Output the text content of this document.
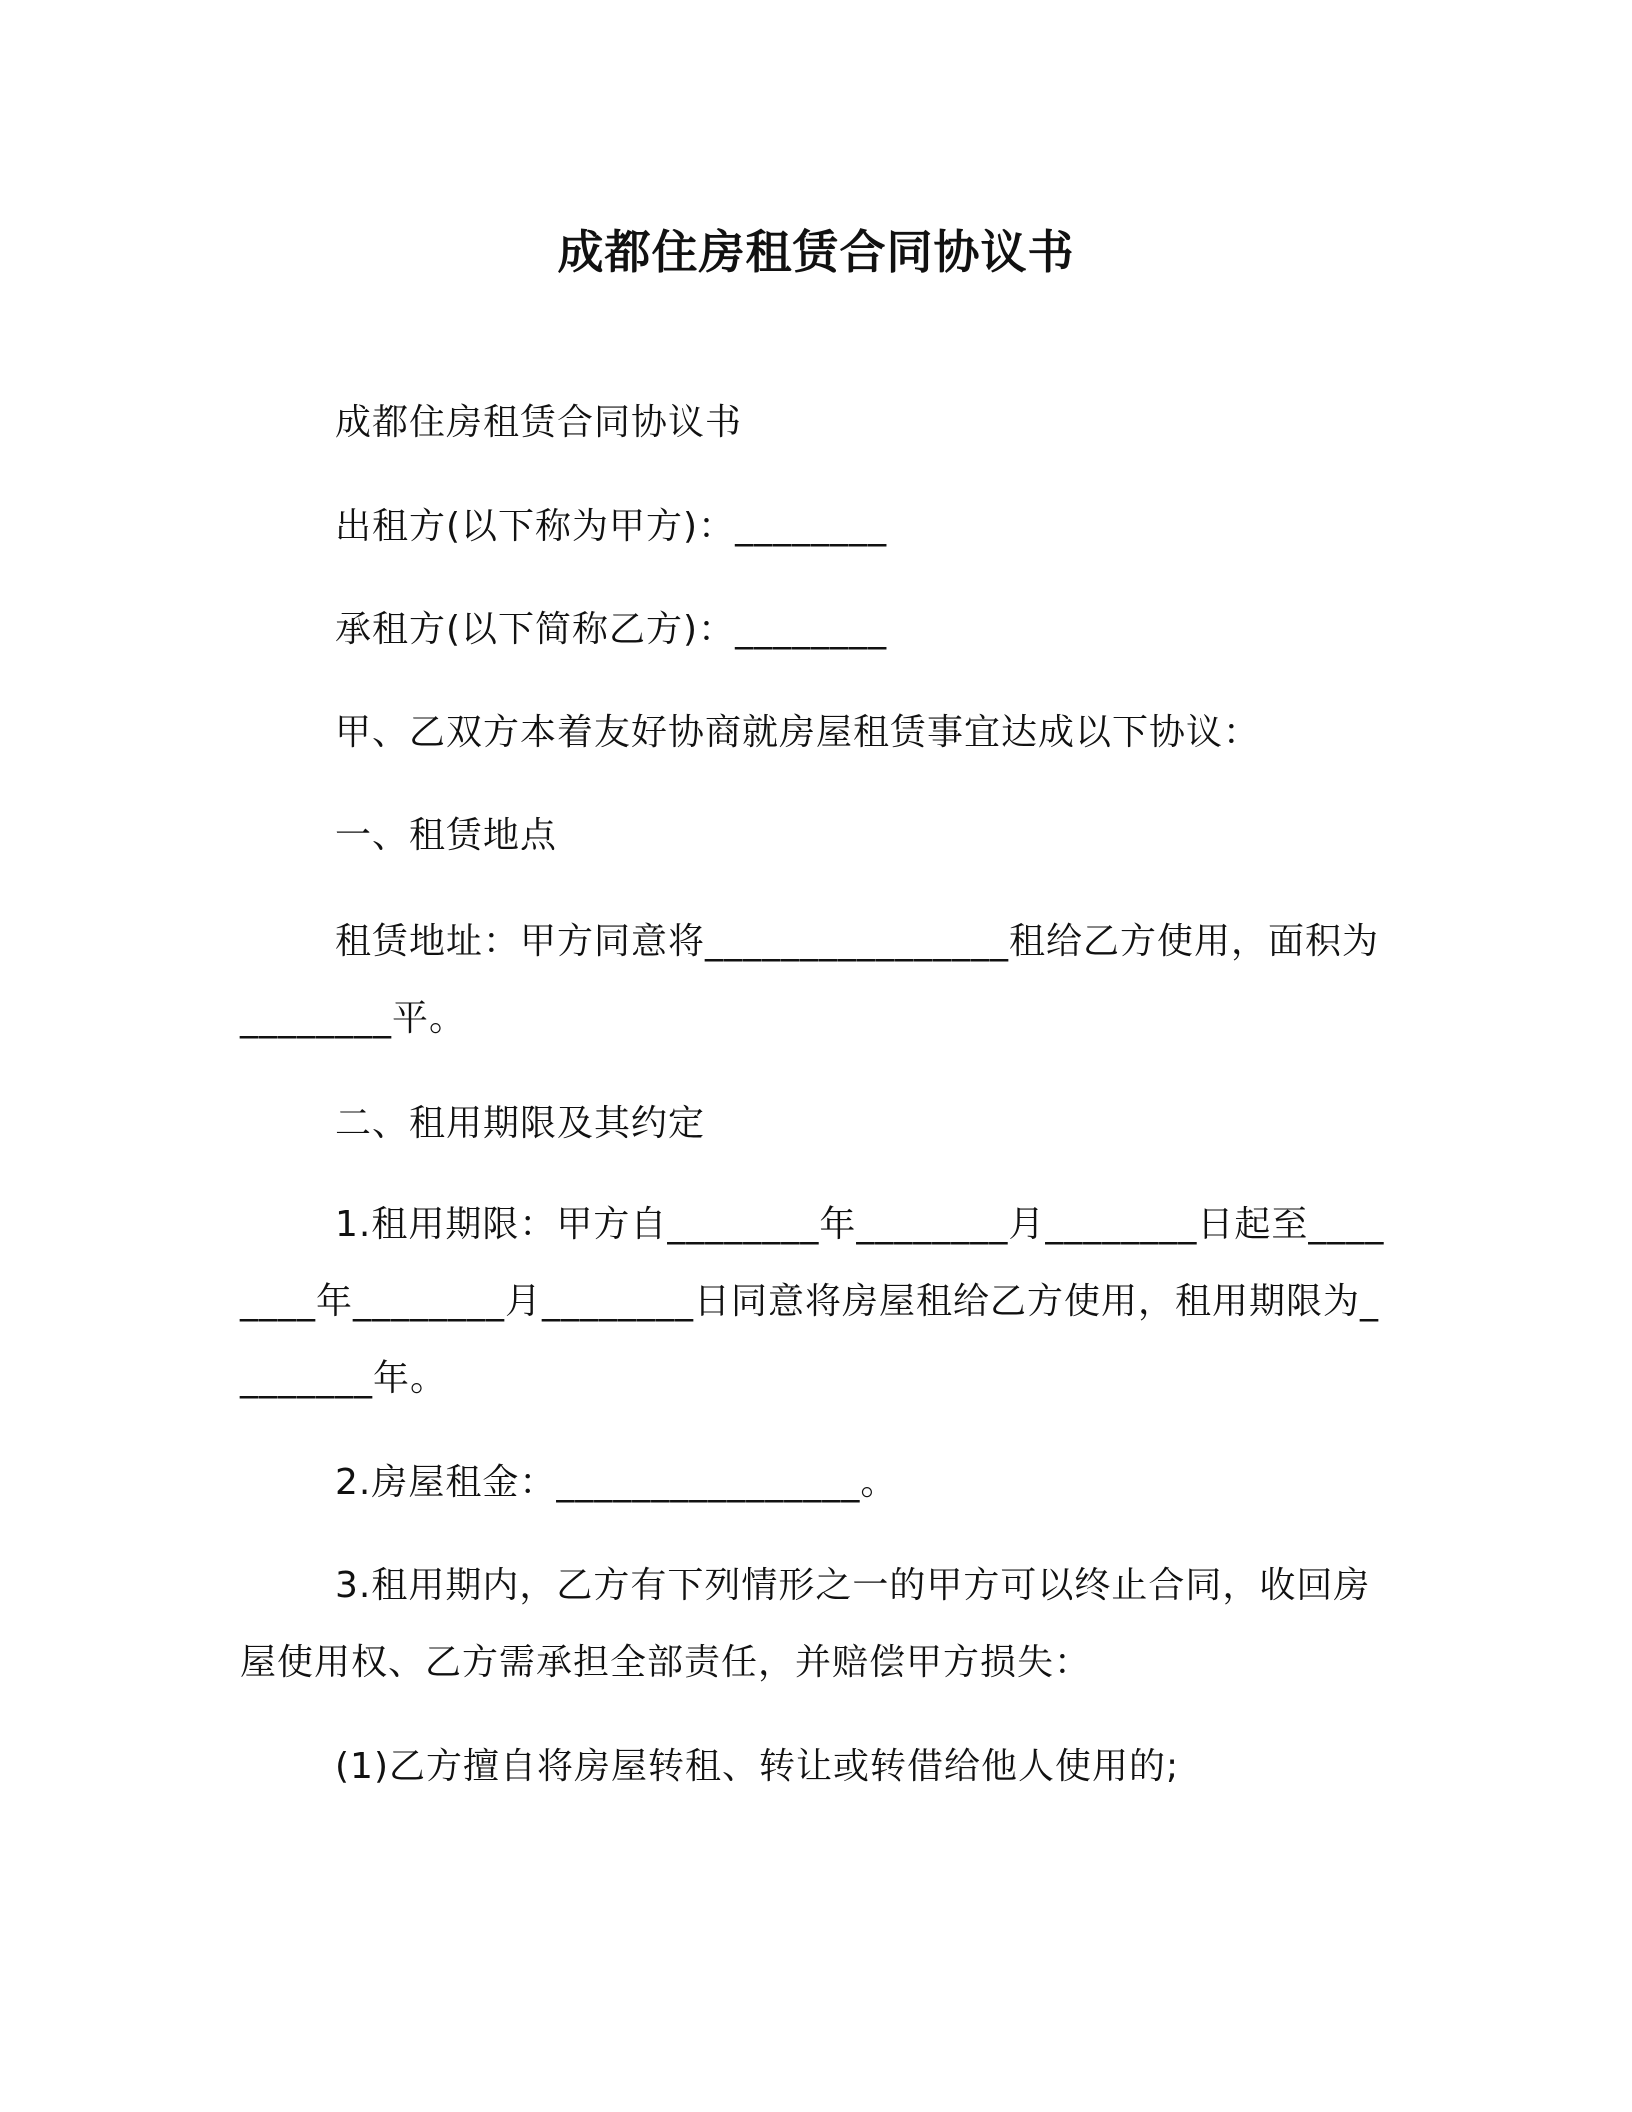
成都住房租赁合同协议书
成都住房租赁合同协议书
出租方(以下称为甲方)：________
承租方(以下简称乙方)：________
甲、乙双方本着友好协商就房屋租赁事宜达成以下协议：
一、租赁地点
租赁地址：甲方同意将________________租给乙方使用，面积为________平。
二、租用期限及其约定
1.租用期限：甲方自________年________月________日起至________年________月________日同意将房屋租给乙方使用，租用期限为________年。
2.房屋租金：________________。
3.租用期内，乙方有下列情形之一的甲方可以终止合同，收回房屋使用权、乙方需承担全部责任，并赔偿甲方损失：
(1)乙方擅自将房屋转租、转让或转借给他人使用的;
